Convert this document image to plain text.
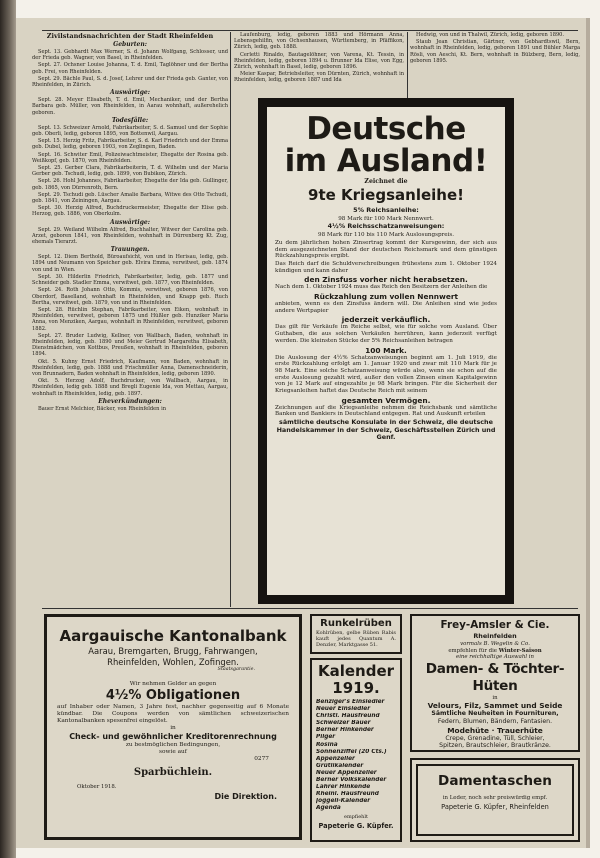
Zivilstandsnachrichten der Stadt Rheinfelden
Geburten:

Sept. 13. Gebhardt Max Werner, S. d. Johann Wolfgang, Schlosser, und der Frieda geb. Wagner, von Basel, in Rheinfelden.

Sept. 27. Ochsner Louise Johanna, T. d. Emil, Taglöhner und der Bertha geb. Frei, von Rheinfelden.

Sept. 29. Bächle Paul, S. d. Josef, Lehrer und der Frieda geb. Ganter, von Rheinfelden, in Zürich.

Auswärtige:

Sept. 28. Meyer Elisabeth, T. d. Emil, Mechaniker, und der Bertha Barbara geb. Müller, von Rheinfelden, in Aarau wohnhaft, außerehelich geboren.

Todesfälle:

Sept. 13. Schweizer Arnold, Fabrikarbeiter, S. d. Samuel und der Sophie geb. Oberli, ledig, geboren 1895, von Bottenwil, Aargau.

Sept. 15. Herzig Fritz, Fabrikarbeiter, S. d. Karl Friedrich und der Emma geb. Dubel, ledig, geboren 1903, von Zeglingen, Baden.

Sept. 16. Schwiter Emil, Polizeiwachtmeister, Ehegatte der Rosina geb. Weißkopf, geb. 1870, von Rheinfelden.

Sept. 25. Gerber Clara, Fabrikarbeiterin, T. d. Wilhelm und der Maria Gerber geb. Tschudi, ledig, geb. 1899, von Bubikon, Zürich.

Sept. 26. Hohl Johannes, Fabrikarbeiter, Ehegatte der Ida geb. Gullinger, geb. 1865, von Dürrenroth, Bern.

Sept. 29. Tschudi geb. Lüscher Amalie Barbara, Witwe des Otto Tschudi, geb. 1841, von Zeiningen, Aargau.

Sept. 30. Herzig Alfred, Buchdruckermeister, Ehegatte der Elise geb. Herzog, geb. 1886, von Oberkulm.

Auswärtige:

Sept. 29. Weiland Wilhelm Alfred, Buchhalter, Witwer der Carolina geb. Arzet, geboren 1841, von Rheinfelden, wohnhaft in Dürrenberg Kt. Zug, ehemals Tierarzt.

Trauungen.

Sept. 12. Diem Berthold, Büroaufsicht, von und in Herisau, ledig, geb. 1894 und Neumann von Speicher geb. Elvira Emma, verwitwet, geb. 1874 von und in Wien.

Sept. 30. Hilderlin Friedrich, Fabrikarbeiter, ledig, geb. 1877 und Schneider geb. Stadler Emma, verwitwet, geb. 1877, von Rheinfelden.

Sept. 24. Roth Johann Otto, Kommis, verwitwet, geboren 1876, von Oberdorf, Baselland, wohnhaft in Rheinfelden, und Knapp geb. Ruch Bertha, verwitwet, geb. 1879, von und in Rheinfelden.

Sept. 28. Rüchlin Stephan, Fabrikarbeiter, von Eiken, wohnhaft in Rheinfelden, verwitwet, geboren 1875 und Hüßler geb. Hunziker Maria Anna, von Menziken, Aargau, wohnhaft in Rheinfelden, verwitwet, geboren 1882.

Sept. 27. Bruder Ludwig, Kellner, von Wallbach, Baden, wohnhaft in Rheinfelden, ledig, geb. 1890 und Meier Gertrud Margaretha Elisabeth, Dienstmädchen, von Kottbus, Preußen, wohnhaft in Rheinfelden, geboren 1894.

Okt. 5. Kuhny Ernst Friedrich, Kaufmann, von Baden, wohnhaft in Rheinfelden, ledig, geb. 1888 und Frischmüller Anna, Damenschneiderin, von Brunnadern, Baden wohnhaft in Rheinfelden, ledig, geboren 1890.

Okt. 5. Herzog Adolf, Buchdrucker, von Wallbach, Aargau, in Rheinfelden, ledig geb. 1888 und Bregli Eugenie Ida, von Mettau, Aargau, wohnhaft in Rheinfelden, ledig, geb. 1897.

Eheverkündungen:

Bauer Ernst Melchior, Bäcker, von Rheinfelden in

Laufenburg, ledig, geboren 1883 und Hörmann Anna, Lebensgehilfin, von Ochsenhausen, Württemberg, in Pfäffikon, Zürich, ledig, geb. 1888.

Cerletti Rinaldo, Bautagelöhner, von Varena, Kt. Tessin, in Rheinfelden, ledig, geboren 1894 u. Brunner Ida Elise, von Egg, Zürich, wohnhaft in Basel, ledig, geboren 1896.

Meier Kaspar, Betriebsleiter, von Dürnten, Zürich, wohnhaft in Rheinfelden, ledig, geboren 1887 und Ida

Hedwig, von und in Thalwil, Zürich, ledig, geboren 1890.

Staub Jean Christian, Gärtner, von Gebhardtswil, Bern, wohnhaft in Rheinfelden, ledig, geboren 1891 und Bühler Marga Rösli, von Aeschi, Kt. Bern, wohnhaft in Bülzberg, Bern, ledig, geboren 1895.

Deutsche
im Ausland!
Zeichnet die
9te Kriegsanleihe!

5% Reichsanleihe:

98 Mark für 100 Mark Nennwert.

4½% Reichsschatzanweisungen:

98 Mark für 110 bis 110 Mark Auslosungspreis.

Zu dem jährlichen hohen Zinsertrag kommt der Kursgewinn, der sich aus dem ausgezeichneten Stand der deutschen Reichsmark und dem günstigen Rückzahlungspreis ergibt.

Das Reich darf die Schuldverschreibungen frühestens zum 1. Oktober 1924 kündigen und kann daher

den Zinsfuss vorher nicht herabsetzen.

Nach dem 1. Oktober 1924 muss das Reich den Besitzern der Anleihen die

Rückzahlung zum vollen Nennwert

anbieten, wenn es den Zinsfuss ändern will. Die Anleihen sind wie jedes andere Wertpapier

jederzeit verkäuflich.

Das gilt für Verkäufe im Reiche selbst, wie für solche vom Ausland. Über Guthaben, die aus solchen Verkäufen herrühren, kann jederzeit verfügt werden. Die kleinsten Stücke der 5% Reichsanleihen betragen

100 Mark.

Die Auslosung der 4½% Schatzanweisungen beginnt am 1. Juli 1919, die erste Rückzahlung erfolgt am 1. Januar 1920 und zwar mit 110 Mark für je 98 Mark. Eine solche Schatzanweisung würde also, wenn sie schon auf die erste Auslosung gezahlt wird, außer den vollen Zinsen einen Kapitalgewinn von je 12 Mark auf eingezahlte je 98 Mark bringen. Für die Sicherheit der Kriegsanleihen haftet das Deutsche Reich mit seinem

gesamten Vermögen.

Zeichnungen auf die Kriegsanleihe nehmen die Reichsbank und sämtliche Banken und Bankiers in Deutschland entgegen. Rat und Auskunft erteilen

sämtliche deutsche Konsulate in der Schweiz, die deutsche Handelskammer in der Schweiz, Geschäftsstellen Zürich und Genf.
Aargauische Kantonalbank
Aarau, Bremgarten, Brugg, Fahrwangen,
Rheinfelden, Wohlen, Zofingen.
Staatsgarantie.
Wir nehmen Gelder an gegen
4½% Obligationen
auf Inhaber oder Namen, 3 Jahre fest, nachher gegenseitig auf 6 Monate kündbar. Die Coupons werden von sämtlichen schweizerischen Kantonalbanken spesenfrei eingelöst.
in
Check- und gewöhnlicher Kreditorenrechnung
zu bestmöglichen Bedingungen,
sowie auf
0277
Sparbüchlein.
Oktober 1918.
Die Direktion.
Runkelrüben
Kohlrüben, gelbe Rüben Rabis kauft jedes Quantum A. Denzler, Marktgasse 51.
Kalender
1919.
Benziger's Einsiedler
Neuer Einsiedler
Christl. Hausfreund
Schweizer Bauer
Berner Hinkender
Pilger
Rosina
Sonnenziffel (20 Cts.)
Appenzeller
Grütlikalender
Neuer Appenzeller
Berner Volkskalender
Lahrer Hinkende
Rheinl. Hausfreund
Joggeli-Kalender
Agenda
empfiehlt
Papeterie G. Küpfer.
Frey-Amsler & Cie.
Rheinfelden
vormals B. Wegelin & Co.
empfehlen für die Winter-Saison
eine reichhaltige Auswahl in
Damen- & Töchter-Hüten
in
Velours, Filz, Sammet und Seide
Sämtliche Neuheiten in Fournituren,
Federn, Blumen, Bändern, Fantasien.
Modehüte · Trauerhüte
Crepe, Grenadine, Tüll, Schleier,
Spitzen, Brautschleier, Brautkränze.
Damentaschen
in Leder, noch sehr preiswürdig empf.
Papeterie G. Küpfer, Rheinfelden
